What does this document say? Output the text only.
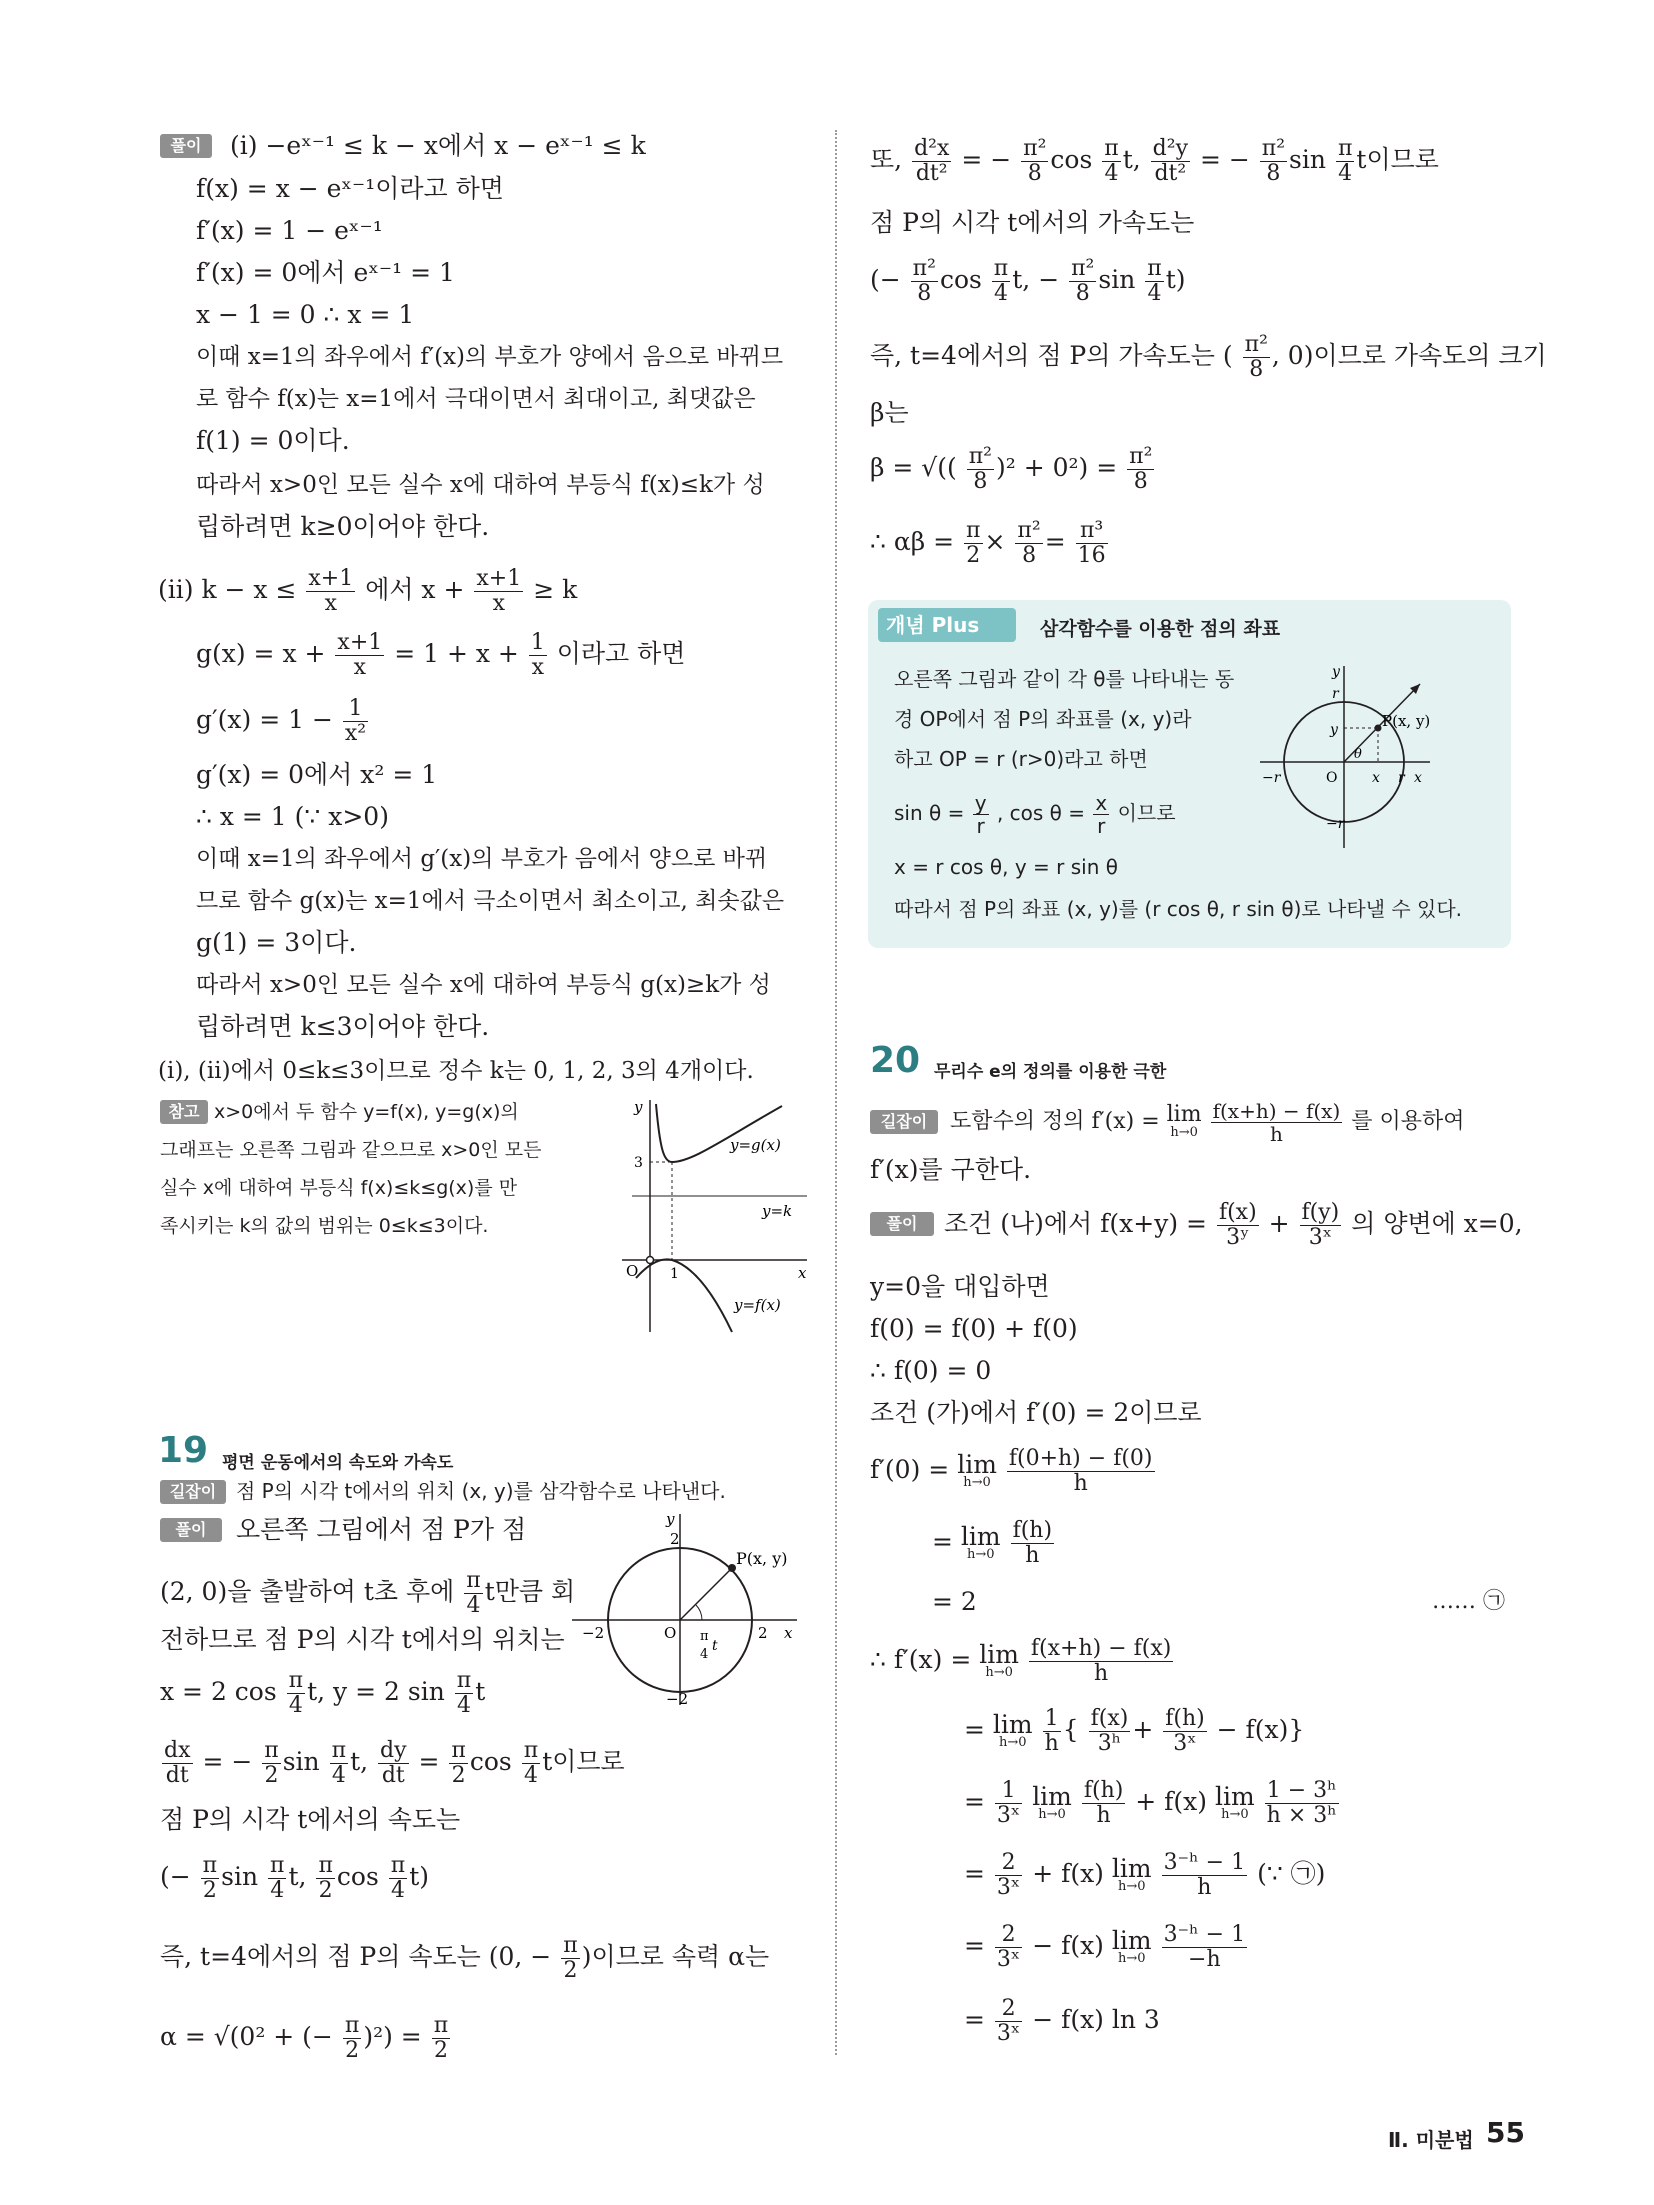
풀이	(ⅰ) −eˣ⁻¹ ≤ k − x에서 x − eˣ⁻¹ ≤ k
f(x) = x − eˣ⁻¹이라고 하면
f′(x) = 1 − eˣ⁻¹
f′(x) = 0에서 eˣ⁻¹ = 1
x − 1 = 0 ∴ x = 1
이때 x=1의 좌우에서 f′(x)의 부호가 양에서 음으로 바뀌므
로 함수 f(x)는 x=1에서 극대이면서 최대이고, 최댓값은
f(1) = 0이다.
따라서 x>0인 모든 실수 x에 대하여 부등식 f(x)≤k가 성
립하려면 k≥0이어야 한다.
(ⅱ) $k - x \le \frac{x+1}{x}$ 에서 $x + \frac{x+1}{x} \ge k$
$g(x) = x + \frac{x+1}{x} = 1 + x + \frac{1}{x}$ 이라고 하면
$g'(x) = 1 - \frac{1}{\text{x²}}$
g′(x) = 0에서 x² = 1
∴ x = 1 (∵ x>0)
이때 x=1의 좌우에서 g′(x)의 부호가 음에서 양으로 바뀌
므로 함수 g(x)는 x=1에서 극소이면서 최소이고, 최솟값은
g(1) = 3이다.
따라서 x>0인 모든 실수 x에 대하여 부등식 g(x)≥k가 성
립하려면 k≤3이어야 한다.
(ⅰ), (ⅱ)에서 0≤k≤3이므로 정수 k는 0, 1, 2, 3의 4개이다.
참고 x>0에서 두 함수 y=f(x), y=g(x)의
그래프는 오른쪽 그림과 같으므로 x>0인 모든
실수 x에 대하여 부등식 f(x)≤k≤g(x)를 만
족시키는 k의 값의 범위는 0≤k≤3이다.
y
x
O 1
3
y=g(x)
y=k
y=f(x)
19 평면 운동에서의 속도와 가속도
길잡이 점 P의 시각 t에서의 위치 (x, y)를 삼각함수로 나타낸다.
풀이	오른쪽 그림에서 점 P가 점
(2, 0)을 출발하여 t초 후에 $\frac{\pi}{4}$ t만큼 회
전하므로 점 P의 시각 t에서의 위치는
x = 2 $\cos \frac{\pi}{4} t$, y = 2 $\sin \frac{\pi}{4}$ t
$\frac{dx}{dt}$ = − $\frac{\pi}{2}$ $\sin \frac{\pi}{4} t$, $\frac{dy}{dt} = \frac{\pi}{2}$ $\cos \frac{\pi}{4}$ t이므로
점 P의 시각 t에서의 속도는
(− $\frac{\pi}{2}$ $\sin \frac{\pi}{4} t$, $\frac{\pi}{2}$ $\cos \frac{\pi}{4} t$)
즉, t=4에서의 점 P의 속도는 (0, − $\frac{\pi}{2}$ )이므로 속력 α는
α = √(0² + (− $\frac{\pi}{2} )^2) = \frac{\pi}{2}$
y
2
−2
−2	2 x
O
P(x, y)
π
4
t
또, $\frac{\text{d²x}}{\text{dt²}}$ = − $\frac{\text{π²}}{8}$ $\cos \frac{\pi}{4} t$, $\frac{\text{d²y}}{\text{dt²}}$ = − $\frac{\text{π²}}{8}$ $\sin \frac{\pi}{4}$ t이므로
점 P의 시각 t에서의 가속도는
(− $\frac{\text{π²}}{8}$ $\cos \frac{\pi}{4} t$, − $\frac{\text{π²}}{8}$ $\sin \frac{\pi}{4} t$)
즉, t=4에서의 점 P의 가속도는 ( $\frac{\text{π²}}{8}$ , 0)이므로 가속도의 크기
β는
β = √(( $\frac{\text{π²}}{8} )^2 + 0^2) = \frac{\text{π²}}{8}$
∴ $\alpha\beta = \frac{\pi}{2} \times \frac{\text{π²}}{8} = \frac{\text{π³}}{16}$
개념 Plus	삼각함수를 이용한 점의 좌표
오른쪽 그림과 같이 각 θ를 나타내는 동
경 OP에서 점 P의 좌표를 (x, y)라
하고 OP = r (r>0)라고 하면
$\sin \theta = \frac{y}{r}$ , $\cos \theta = \frac{x}{r}$ 이므로
x = r cos θ, y = r sin θ
따라서 점 P의 좌표 (x, y)를 (r cos θ, r sin θ)로 나타낼 수 있다.
y
r
y
−r	O x r x
−r
P(x, y)
θ
20 무리수 e의 정의를 이용한 극한
길잡이	도함수의 정의 f′(x) = lim
h→0
$\frac{f(x+h) - f(x)}{h}$ 를 이용하여
f′(x)를 구한다.
풀이	조건 (나)에서 $f(x+y) = \frac{f(x)}{\text{3ʸ}} + \frac{f(y)}{\text{3ˣ}}$ 의 양변에 x=0,
y=0을 대입하면
f(0) = f(0) + f(0)
∴ f(0) = 0
조건 (가)에서 f′(0) = 2이므로
f′(0) = lim
h→0
$\frac{f(0+h) - f(0)}{h}$
= lim
h→0
$\frac{f(h)}{h}$
= 2	…… ㉠
∴ f′(x) = lim
h→0
$\frac{f(x+h) - f(x)}{h}$
= lim
h→0
$\frac{1}{h}$ { $\frac{f(x)}{\text{3ʰ}} + \frac{f(h)}{\text{3ˣ}} - f(x)$}
= $\frac{1}{\text{3ˣ}}$ lim
h→0
$\frac{f(h)}{h} + f(x)$ lim
h→0
$\frac{\text{1 − 3ʰ}}{\text{h × 3ʰ}}$
= $\frac{2}{\text{3ˣ}} + f(x)$ lim
h→0
$\frac{\text{3⁻ʰ − 1}}{h}$ (∵ ㉠)
= $\frac{2}{\text{3ˣ}} - f(x)$ lim
h→0
$\frac{\text{3⁻ʰ − 1}}{-h}$
= $\frac{2}{\text{3ˣ}} - f(x)$ ln 3
Ⅱ. 미분법 55
